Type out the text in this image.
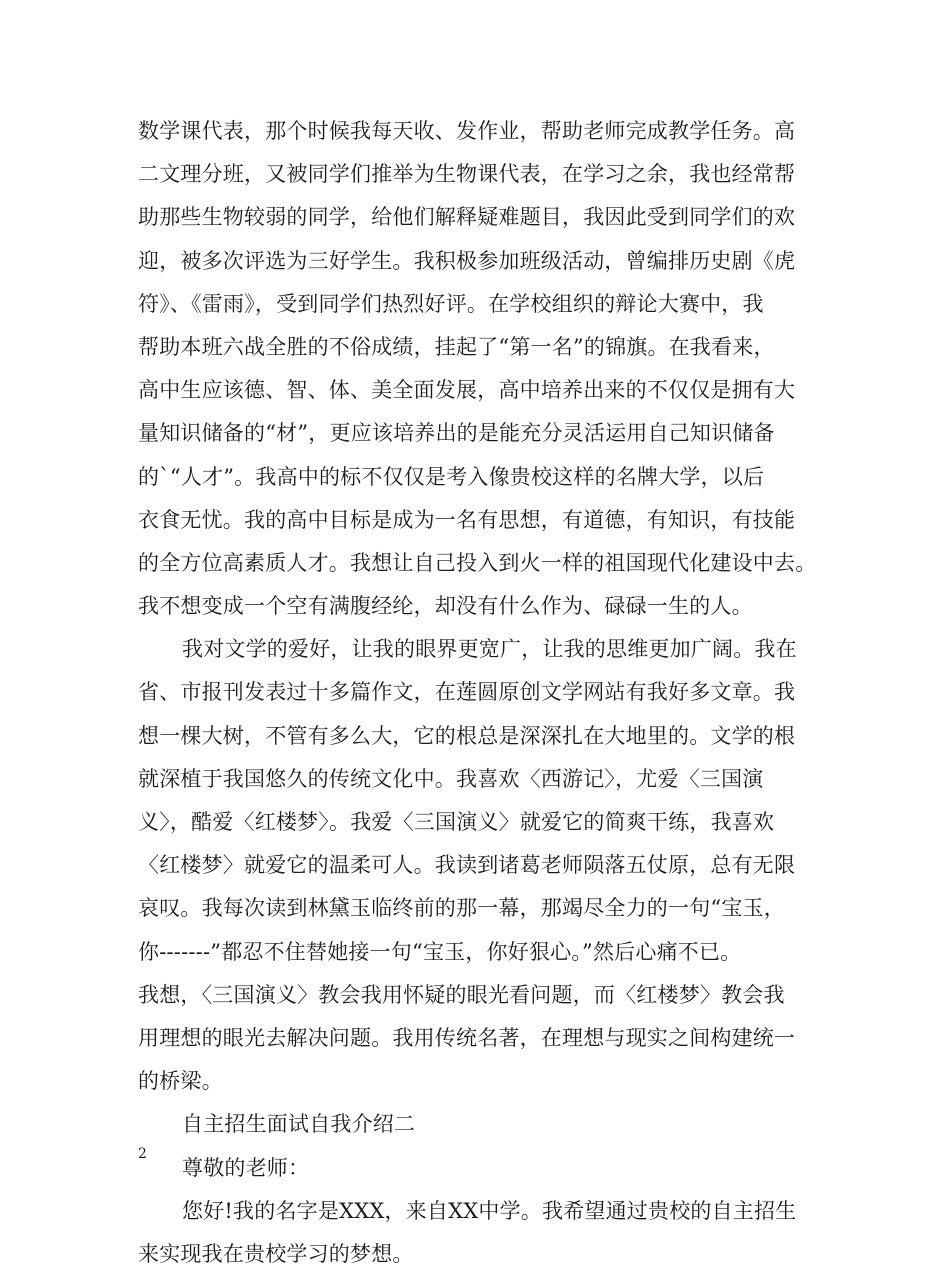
数学课代表，那个时候我每天收、发作业，帮助老师完成教学任务。高
二文理分班，又被同学们推举为生物课代表，在学习之余，我也经常帮
助那些生物较弱的同学，给他们解释疑难题目，我因此受到同学们的欢
迎，被多次评选为三好学生。我积极参加班级活动，曾编排历史剧《虎
符》、《雷雨》，受到同学们热烈好评。在学校组织的辩论大赛中，我
帮助本班六战全胜的不俗成绩，挂起了“第一名”的锦旗。在我看来，
高中生应该德、智、体、美全面发展，高中培养出来的不仅仅是拥有大
量知识储备的“材”，更应该培养出的是能充分灵活运用自己知识储备
的`“人才”。我高中的标不仅仅是考入像贵校这样的名牌大学，以后
衣食无忧。我的高中目标是成为一名有思想，有道德，有知识，有技能
的全方位高素质人才。我想让自己投入到火一样的祖国现代化建设中去。
我不想变成一个空有满腹经纶，却没有什么作为、碌碌一生的人。
我对文学的爱好，让我的眼界更宽广，让我的思维更加广阔。我在
省、市报刊发表过十多篇作文，在莲圆原创文学网站有我好多文章。我
想一棵大树，不管有多么大，它的根总是深深扎在大地里的。文学的根
就深植于我国悠久的传统文化中。我喜欢〈西游记〉，尤爱〈三国演
义〉，酷爱〈红楼梦〉。我爱〈三国演义〉就爱它的简爽干练，我喜欢
〈红楼梦〉就爱它的温柔可人。我读到诸葛老师陨落五仗原，总有无限
哀叹。我每次读到林黛玉临终前的那一幕，那竭尽全力的一句“宝玉，
你-------”都忍不住替她接一句“宝玉，你好狠心。”然后心痛不已。
我想，〈三国演义〉教会我用怀疑的眼光看问题，而〈红楼梦〉教会我
用理想的眼光去解决问题。我用传统名著，在理想与现实之间构建统一
的桥梁。
自主招生面试自我介绍二
尊敬的老师：
您好!我的名字是XXX，来自XX中学。我希望通过贵校的自主招生
来实现我在贵校学习的梦想。
2
